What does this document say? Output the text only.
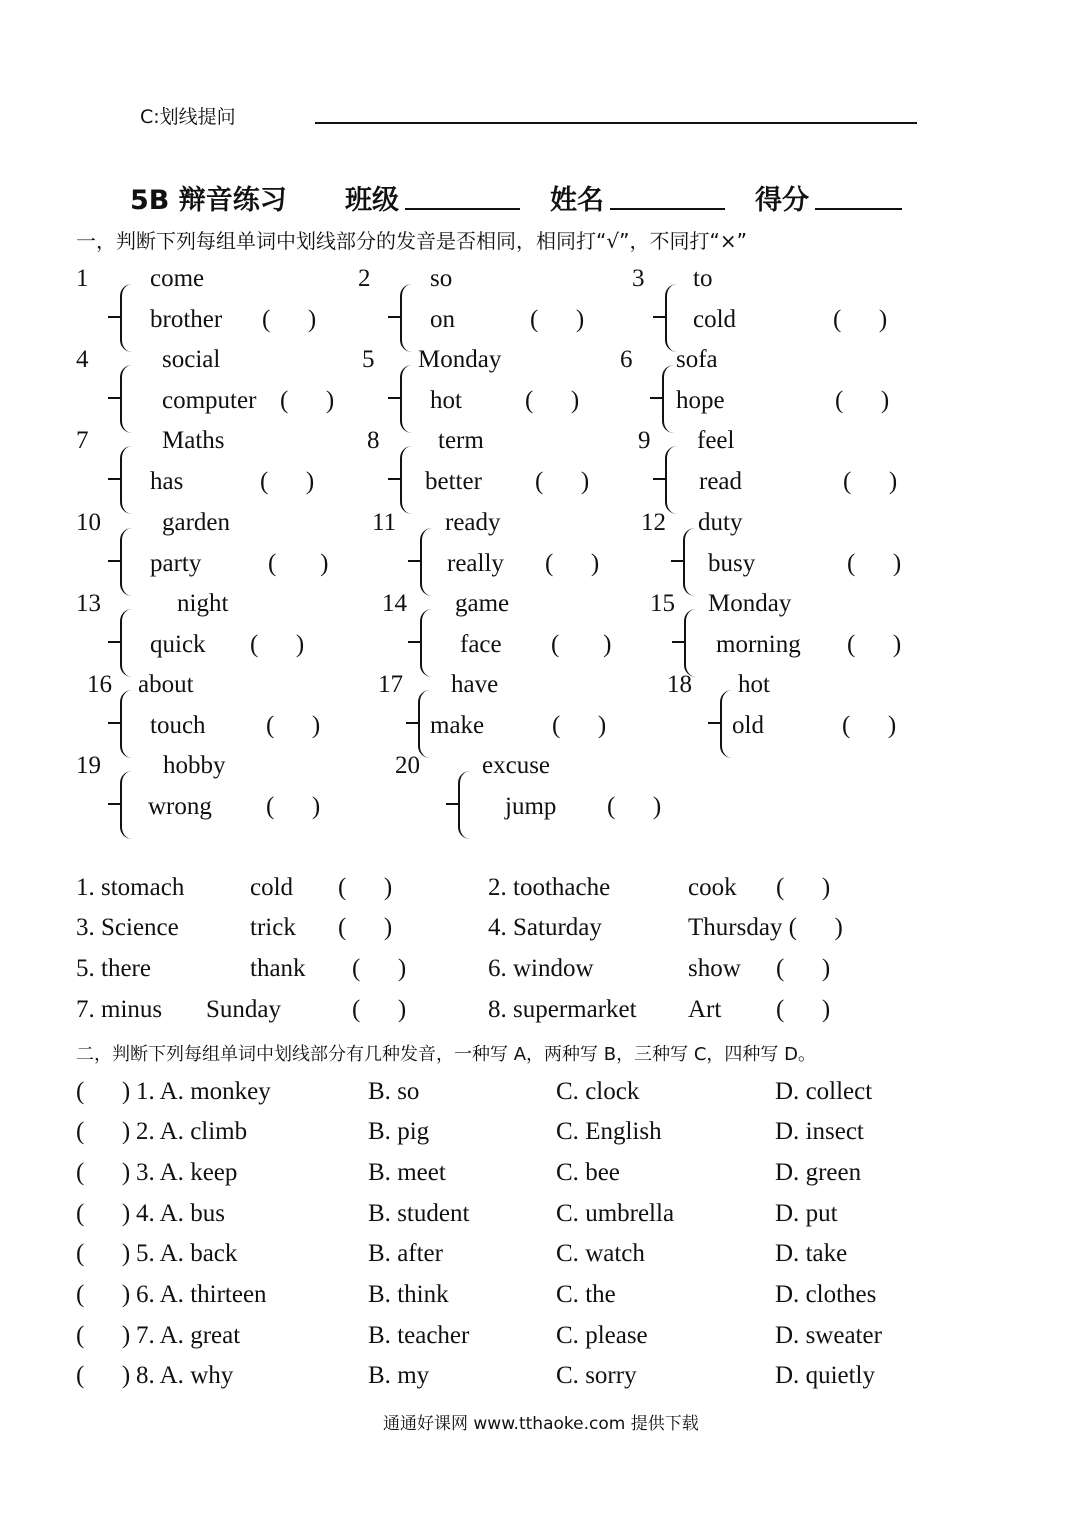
C:划线提问
5B 辩音练习 班级	姓名	得分
一，判断下列每组单词中划线部分的发音是否相同，相同打“√”，不同打“×”
1 come
brother (      )
2 so
on	(      )
3 to
cold	(      )
4	social
computer (      )
5 Monday
hot	(      )
6 sofa
hope	(      )
7	Maths
has	(      )
8 term
better (      )
9 feel
read	(      )
10 garden
party	(       )
11 ready
really (      )
12 duty
busy	(      )
13	night
quick (      )
14 game
face (       )
15 Monday
morning (      )
16 about
touch (      )
17 have
make	(      )
18 hot
old	(      )
19 hobby
wrong (      )
20 excuse
jump (      )
1. stomach	cold (      )	2. toothache	cook (      )
3. Science	trick (      )	4. Saturday	Thursday (      )
5. there	thank (      )	6. window	show (      )
7. minus Sunday	(      )	8. supermarket Art (      )
二，判断下列每组单词中划线部分有几种发音，一种写 A，两种写 B，三种写 C，四种写 D。
(      ) 1. A. monkey	B. so	C. clock	D. collect
(      ) 2. A. climb	B. pig	C. English	D. insect
(      ) 3. A. keep	B. meet	C. bee	D. green
(      ) 4. A. bus	B. student	C. umbrella	D. put
(      ) 5. A. back	B. after	C. watch	D. take
(      ) 6. A. thirteen	B. think	C. the	D. clothes
(      ) 7. A. great	B. teacher	C. please	D. sweater
(      ) 8. A. why	B. my	C. sorry	D. quietly
通通好课网 www.tthaoke.com 提供下载
